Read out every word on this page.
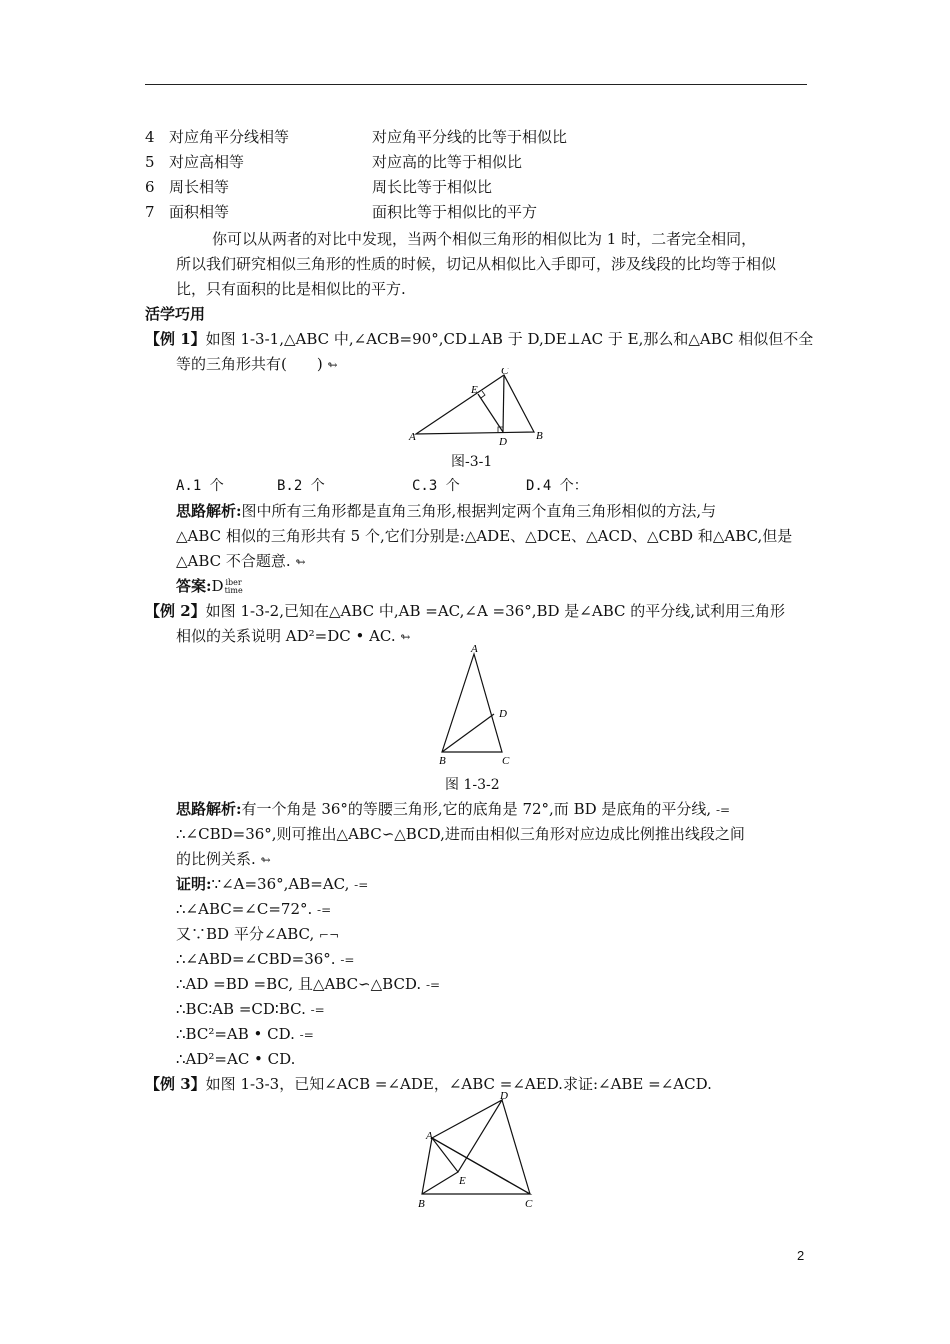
4 对应角平分线相等	对应角平分线的比等于相似比
5 对应高相等	对应高的比等于相似比
6 周长相等	周长比等于相似比
7 面积相等	面积比等于相似比的平方
你可以从两者的对比中发现，当两个相似三角形的相似比为 1 时，二者完全相同，
所以我们研究相似三角形的性质的时候，切记从相似比入手即可，涉及线段的比均等于相似
比，只有面积的比是相似比的平方.
活学巧用
【例 1】如图 1-3-1,△ABC 中,∠ACB=90°,CD⊥AB 于 D,DE⊥AC 于 E,那么和△ABC 相似但不全
等的三角形共有(　　) ↬
A	B
C
D
E
图-3-1
A.1 个	B.2 个	C.3 个	D.4 个：
思路解析:图中所有三角形都是直角三角形,根据判定两个直角三角形相似的方法,与
△ABC 相似的三角形共有 5 个,它们分别是:△ADE、△DCE、△ACD、△CBD 和△ABC,但是
△ABC 不合题意. ↬
答案:D iber
time
【例 2】如图 1-3-2,已知在△ABC 中,AB =AC,∠A =36°,BD 是∠ABC 的平分线,试利用三角形
相似的关系说明 AD²=DC • AC. ↬
A
B	C
D
图 1-3-2
思路解析:有一个角是 36°的等腰三角形,它的底角是 72°,而 BD 是底角的平分线, -=
∴∠CBD=36°,则可推出△ABC∽△BCD,进而由相似三角形对应边成比例推出线段之间
的比例关系. ↬
证明:∵∠A=36°,AB=AC, -=
∴∠ABC=∠C=72°. -=
又∵BD 平分∠ABC, ⌐¬
∴∠ABD=∠CBD=36°. -=
∴AD =BD =BC, 且△ABC∽△BCD. -=
∴BC∶AB =CD∶BC. -=
∴BC²=AB • CD. -=
∴AD²=AC • CD.
【例 3】如图 1-3-3，已知∠ACB =∠ADE，∠ABC =∠AED.求证:∠ABE =∠ACD.
A
B	C
D
E
2
